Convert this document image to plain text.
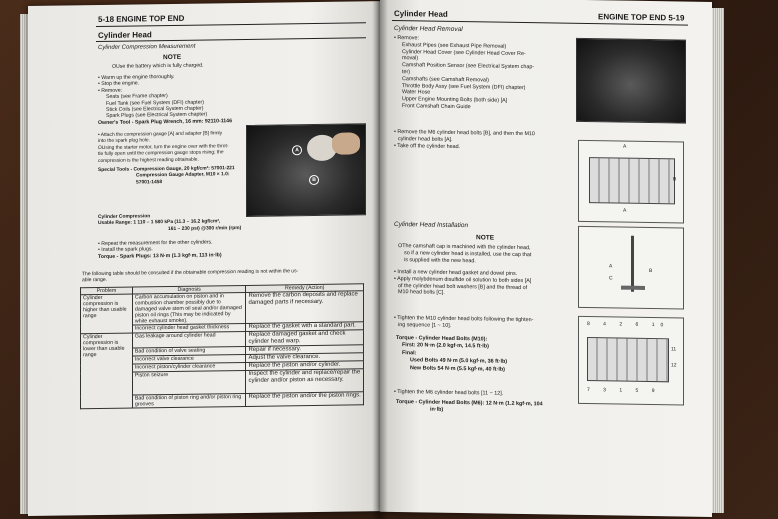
5-18 ENGINE TOP END
Cylinder Head
Cylinder Compression Measurement
NOTE
OUse the battery which is fully charged.
• Warm up the engine thoroughly.
• Stop the engine.
• Remove:
Seats (see Frame chapter)
Fuel Tank (see Fuel System (DFI) chapter)
Stick Coils (see Electrical System chapter)
Spark Plugs (see Electrical System chapter)
Owner's Tool - Spark Plug Wrench, 16 mm: 92110-1146
• Attach the compression gauge [A] and adapter [B] firmly
into the spark plug hole.
OUsing the starter motor, turn the engine over with the throt-
tle fully open until the compression gauge stops rising; the
compression is the highest reading obtainable.
Special Tools - Compression Gauge, 20 kgf/cm²: 57001-221
Compression Gauge Adapter, M10 × 1.0:
57001-1458
A
B
Cylinder Compression
Usable Range: 1 110 – 1 580 kPa (11.3 – 16.2 kgf/cm²,
161 – 230 psi) @300 r/min (rpm)
• Repeat the measurement for the other cylinders.
• Install the spark plugs.
Torque - Spark Plugs: 13 N·m (1.3 kgf·m, 113 in·lb)
The following table should be consulted if the obtainable compression reading is not within the us-
able range.
Problem	Diagnosis	Remedy (Action)
Cylinder compression is higher than usable range	Carbon accumulation on piston and in combustion chamber possibly due to damaged valve stem oil seal and/or damaged piston oil rings (This may be indicated by white exhaust smoke).	Remove the carbon deposits and replace damaged parts if necessary.
	Incorrect cylinder head gasket thickness	Replace the gasket with a standard part.
Cylinder compression is lower than usable range	Gas leakage around cylinder head	Replace damaged gasket and check cylinder head warp.
	Bad condition of valve seating	Repair if necessary.
	Incorrect valve clearance	Adjust the valve clearance.
	Incorrect piston/cylinder clearance	Replace the piston and/or cylinder.
	Piston seizure	Inspect the cylinder and replace/repair the cylinder and/or piston as necessary.
	Bad condition of piston ring and/or piston ring grooves	Replace the piston and/or the piston rings.
Cylinder Head	ENGINE TOP END 5-19
Cylinder Head Removal
• Remove:
Exhaust Pipes (see Exhaust Pipe Removal)
Cylinder Head Cover (see Cylinder Head Cover Re-
moval)
Camshaft Position Sensor (see Electrical System chap-
ter)
Camshafts (see Camshaft Removal)
Throttle Body Assy (see Fuel System (DFI) chapter)
Water Hose
Upper Engine Mounting Bolts (both side) [A]
Front Camshaft Chain Guide
• Remove the M6 cylinder head bolts [B], and then the M10
cylinder head bolts [A].
• Take off the cylinder head.	A
B
A
Cylinder Head Installation
NOTE
OThe camshaft cap is machined with the cylinder head,
so if a new cylinder head is installed, use the cap that
is supplied with the new head.
• Install a new cylinder head gasket and dowel pins.
• Apply molybdenum disulfide oil solution to both sides [A]
of the cylinder head bolt washers [B] and the thread of
M10 head bolts [C].
A
B
C
• Tighten the M10 cylinder head bolts following the tighten-
ing sequence [1 ~ 10].
Torque - Cylinder Head Bolts (M10):
First: 20 N·m (2.0 kgf·m, 14.5 ft·lb)
Final:
Used Bolts 49 N·m (5.0 kgf·m, 36 ft·lb)
New Bolts 54 N·m (5.5 kgf·m, 40 ft·lb)
• Tighten the M6 cylinder head bolts [11 ~ 12].
Torque - Cylinder Head Bolts (M6): 12 N·m (1.2 kgf·m, 104
in·lb)
8 4 2 6 10
11
12
7 3 1 5 9
